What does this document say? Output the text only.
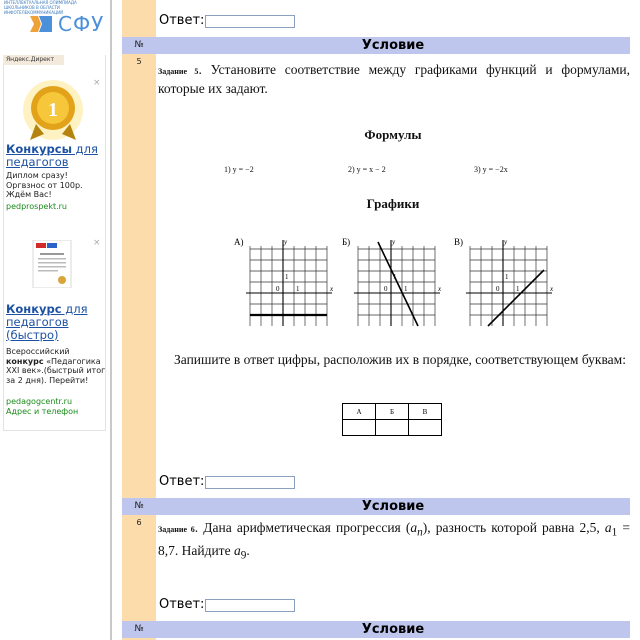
ИНТЕЛЛЕКТУАЛЬНАЯ ОЛИМПИАДА ШКОЛЬНИКОВ В ОБЛАСТИ ИНФОТЕЛЕКОММУНИКАЦИЙ
СФУ
Яндекс.Директ
×
1
Конкурсы для педагогов
Диплом сразу! Оргвзнос от 100р. Ждём Вас!
pedprospekt.ru
×
Конкурс для педагогов (быстро)
Всероссийский
конкурс «Педагогика XXI век».(быстрый итог за 2 дня). Перейти!
pedagogcentr.ru
Адрес и телефон
Ответ:
№	Условие
5
Задание 5. Установите соответствие между графиками функций и формулами, которые их задают.
Формулы
1) y = −2	2) y = x − 2	3) y = −2x
Графики
А)	y
x
1
0 1
Б)	y
x
1
0 1
В)	y
x
1
0 1
Запишите в ответ цифры, расположив их в порядке, соответствующем буквам:
А	Б	В

Ответ:
№	Условие
6
Задание 6. Дана арифметическая прогрессия $(a_n)$, разность которой равна 2,5, $a_1 = 8,7$. Найдите $a_9$.
Ответ:
№	Условие
